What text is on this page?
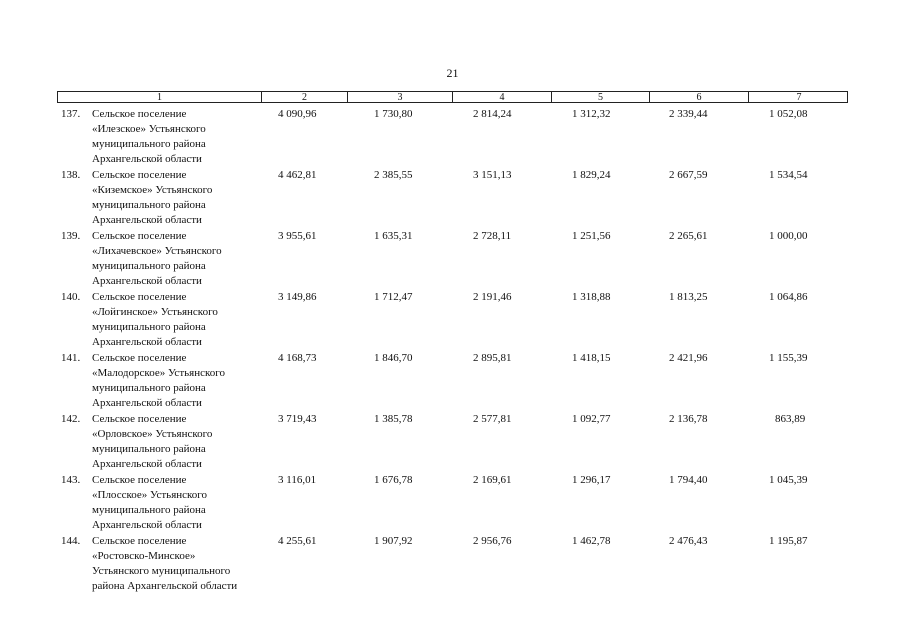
21
1	2	3	4	5	6	7
137.	Сельское поселение
«Илезское» Устьянского
муниципального района
Архангельской области
4 090,96	1 730,80	2 814,24	1 312,32	2 339,44	1 052,08
138.	Сельское поселение
«Киземское» Устьянского
муниципального района
Архангельской области
4 462,81	2 385,55	3 151,13	1 829,24	2 667,59	1 534,54
139.	Сельское поселение
«Лихачевское» Устьянского
муниципального района
Архангельской области
3 955,61	1 635,31	2 728,11	1 251,56	2 265,61	1 000,00
140.	Сельское поселение
«Лойгинское» Устьянского
муниципального района
Архангельской области
3 149,86	1 712,47	2 191,46	1 318,88	1 813,25	1 064,86
141.	Сельское поселение
«Малодорское» Устьянского
муниципального района
Архангельской области
4 168,73	1 846,70	2 895,81	1 418,15	2 421,96	1 155,39
142.	Сельское поселение
«Орловское» Устьянского
муниципального района
Архангельской области
3 719,43	1 385,78	2 577,81	1 092,77	2 136,78	863,89
143.	Сельское поселение
«Плосское» Устьянского
муниципального района
Архангельской области
3 116,01	1 676,78	2 169,61	1 296,17	1 794,40	1 045,39
144.	Сельское поселение
«Ростовско-Минское»
Устьянского муниципального
района Архангельской области
4 255,61	1 907,92	2 956,76	1 462,78	2 476,43	1 195,87
